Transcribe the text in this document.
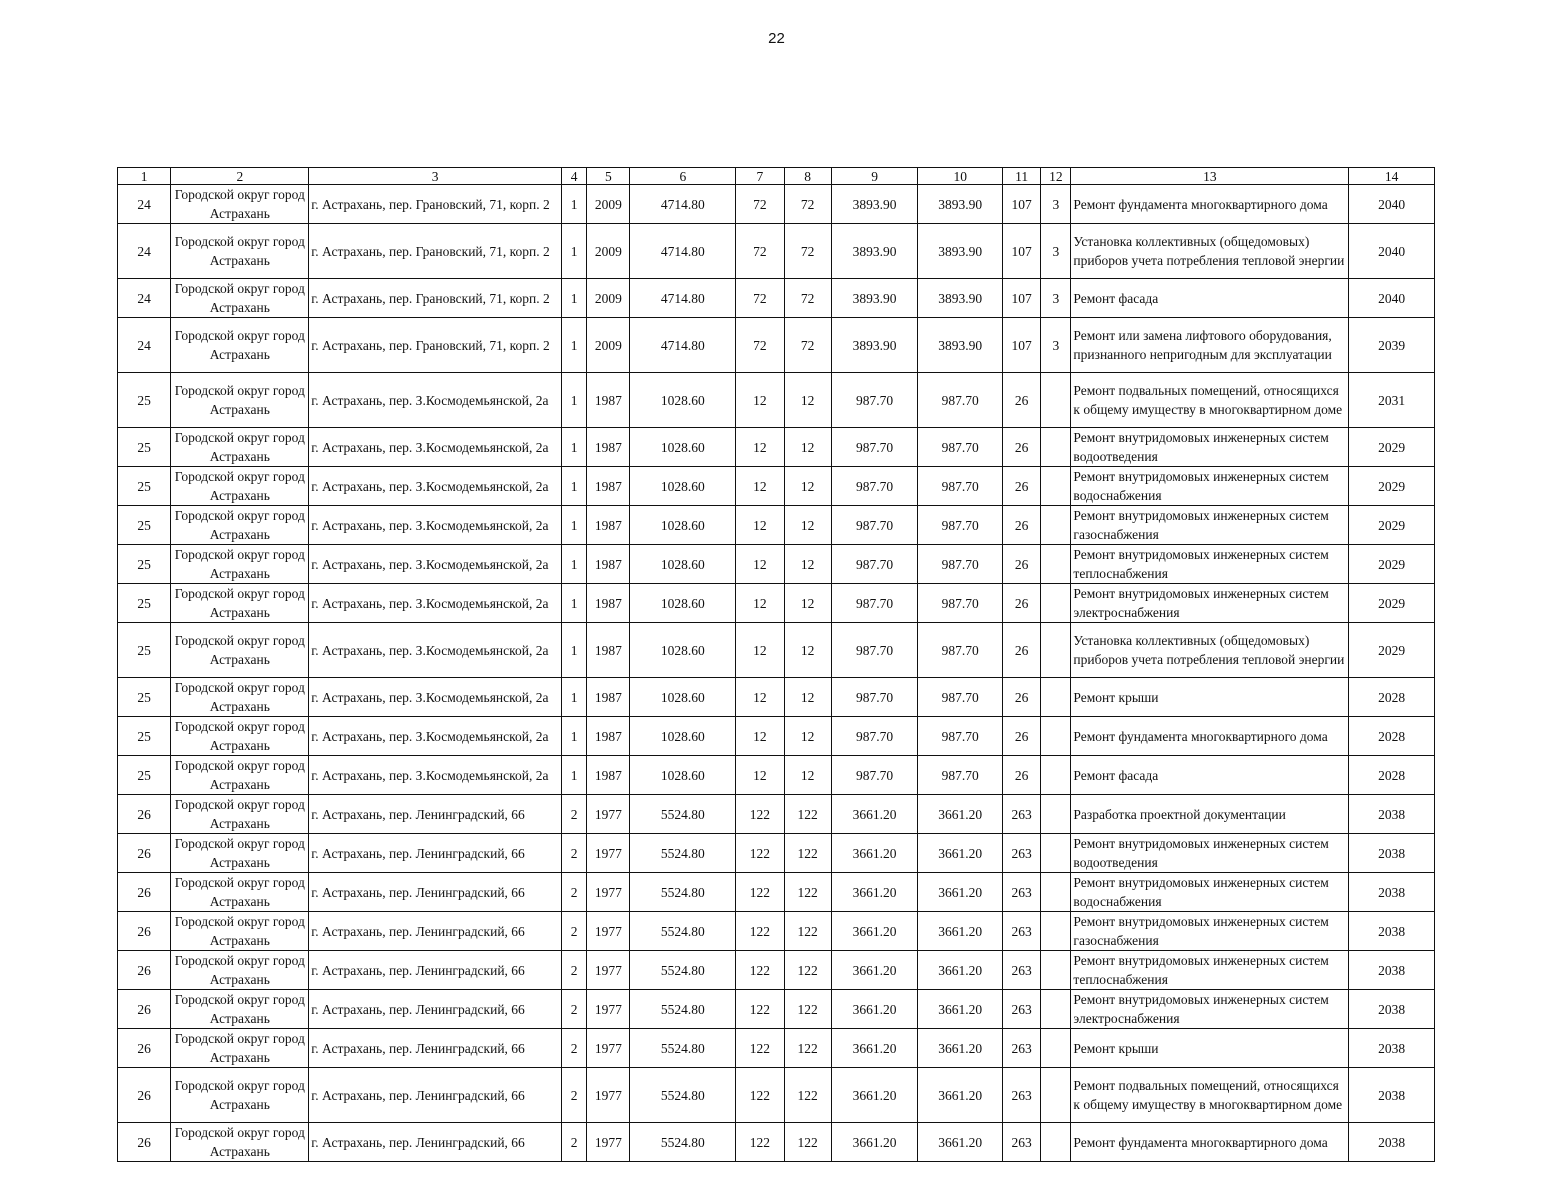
22
1	2	3	4	5	6	7	8	9	10	11	12	13	14
24	Городской округ город Астрахань	г. Астрахань, пер. Грановский, 71, корп. 2	1	2009	4714.80	72	72	3893.90	3893.90	107	3	Ремонт фундамента многоквартирного дома	2040
24	Городской округ город Астрахань	г. Астрахань, пер. Грановский, 71, корп. 2	1	2009	4714.80	72	72	3893.90	3893.90	107	3	Установка коллективных (общедомовых) приборов учета потребления тепловой энергии	2040
24	Городской округ город Астрахань	г. Астрахань, пер. Грановский, 71, корп. 2	1	2009	4714.80	72	72	3893.90	3893.90	107	3	Ремонт фасада	2040
24	Городской округ город Астрахань	г. Астрахань, пер. Грановский, 71, корп. 2	1	2009	4714.80	72	72	3893.90	3893.90	107	3	Ремонт или замена лифтового оборудования, признанного непригодным для эксплуатации	2039
25	Городской округ город Астрахань	г. Астрахань, пер. З.Космодемьянской, 2а	1	1987	1028.60	12	12	987.70	987.70	26		Ремонт подвальных помещений, относящихся к общему имуществу в многоквартирном доме	2031
25	Городской округ город Астрахань	г. Астрахань, пер. З.Космодемьянской, 2а	1	1987	1028.60	12	12	987.70	987.70	26		Ремонт внутридомовых инженерных систем водоотведения	2029
25	Городской округ город Астрахань	г. Астрахань, пер. З.Космодемьянской, 2а	1	1987	1028.60	12	12	987.70	987.70	26		Ремонт внутридомовых инженерных систем водоснабжения	2029
25	Городской округ город Астрахань	г. Астрахань, пер. З.Космодемьянской, 2а	1	1987	1028.60	12	12	987.70	987.70	26		Ремонт внутридомовых инженерных систем газоснабжения	2029
25	Городской округ город Астрахань	г. Астрахань, пер. З.Космодемьянской, 2а	1	1987	1028.60	12	12	987.70	987.70	26		Ремонт внутридомовых инженерных систем теплоснабжения	2029
25	Городской округ город Астрахань	г. Астрахань, пер. З.Космодемьянской, 2а	1	1987	1028.60	12	12	987.70	987.70	26		Ремонт внутридомовых инженерных систем электроснабжения	2029
25	Городской округ город Астрахань	г. Астрахань, пер. З.Космодемьянской, 2а	1	1987	1028.60	12	12	987.70	987.70	26		Установка коллективных (общедомовых) приборов учета потребления тепловой энергии	2029
25	Городской округ город Астрахань	г. Астрахань, пер. З.Космодемьянской, 2а	1	1987	1028.60	12	12	987.70	987.70	26		Ремонт крыши	2028
25	Городской округ город Астрахань	г. Астрахань, пер. З.Космодемьянской, 2а	1	1987	1028.60	12	12	987.70	987.70	26		Ремонт фундамента многоквартирного дома	2028
25	Городской округ город Астрахань	г. Астрахань, пер. З.Космодемьянской, 2а	1	1987	1028.60	12	12	987.70	987.70	26		Ремонт фасада	2028
26	Городской округ город Астрахань	г. Астрахань, пер. Ленинградский, 66	2	1977	5524.80	122	122	3661.20	3661.20	263		Разработка проектной документации	2038
26	Городской округ город Астрахань	г. Астрахань, пер. Ленинградский, 66	2	1977	5524.80	122	122	3661.20	3661.20	263		Ремонт внутридомовых инженерных систем водоотведения	2038
26	Городской округ город Астрахань	г. Астрахань, пер. Ленинградский, 66	2	1977	5524.80	122	122	3661.20	3661.20	263		Ремонт внутридомовых инженерных систем водоснабжения	2038
26	Городской округ город Астрахань	г. Астрахань, пер. Ленинградский, 66	2	1977	5524.80	122	122	3661.20	3661.20	263		Ремонт внутридомовых инженерных систем газоснабжения	2038
26	Городской округ город Астрахань	г. Астрахань, пер. Ленинградский, 66	2	1977	5524.80	122	122	3661.20	3661.20	263		Ремонт внутридомовых инженерных систем теплоснабжения	2038
26	Городской округ город Астрахань	г. Астрахань, пер. Ленинградский, 66	2	1977	5524.80	122	122	3661.20	3661.20	263		Ремонт внутридомовых инженерных систем электроснабжения	2038
26	Городской округ город Астрахань	г. Астрахань, пер. Ленинградский, 66	2	1977	5524.80	122	122	3661.20	3661.20	263		Ремонт крыши	2038
26	Городской округ город Астрахань	г. Астрахань, пер. Ленинградский, 66	2	1977	5524.80	122	122	3661.20	3661.20	263		Ремонт подвальных помещений, относящихся к общему имуществу в многоквартирном доме	2038
26	Городской округ город Астрахань	г. Астрахань, пер. Ленинградский, 66	2	1977	5524.80	122	122	3661.20	3661.20	263		Ремонт фундамента многоквартирного дома	2038
